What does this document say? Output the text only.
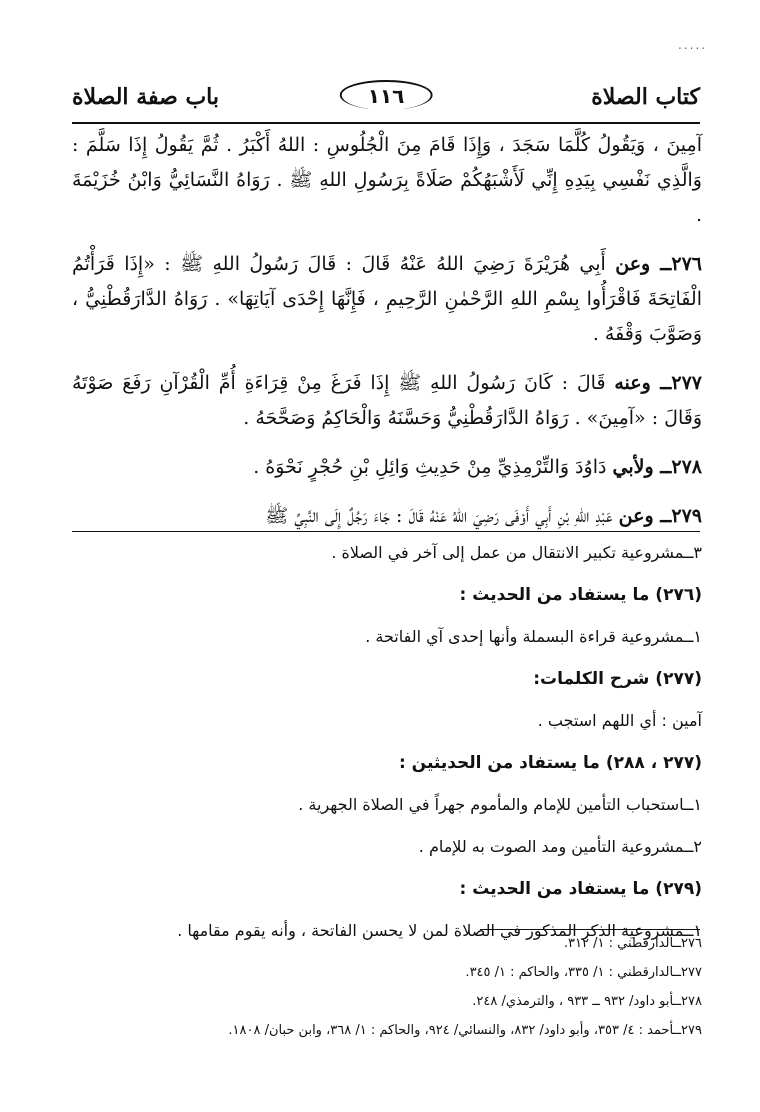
.....
كتاب الصلاة
١١٦
باب صفة الصلاة

آمِينَ ، وَيَقُولُ كُلَّمَا سَجَدَ ، وَإِذَا قَامَ مِنَ الْجُلُوسِ : اللهُ أَكْبَرُ . ثُمَّ يَقُولُ إِذَا سَلَّمَ : وَالَّذِي نَفْسِي بِيَدِهِ إِنِّي لَأَشْبَهُكُمْ صَلَاةً بِرَسُولِ اللهِ ﷺ . رَوَاهُ النَّسَائِيُّ وَابْنُ خُزَيْمَةَ .

٢٧٦ــ وعن أَبِي هُرَيْرَةَ رَضِيَ اللهُ عَنْهُ قَالَ : قَالَ رَسُولُ اللهِ ﷺ : «إِذَا قَرَأْتُمُ الْفَاتِحَةَ فَاقْرَأُوا بِسْمِ اللهِ الرَّحْمٰنِ الرَّحِيمِ ، فَإِنَّهَا إِحْدَى آيَاتِهَا» . رَوَاهُ الدَّارَقُطْنِيُّ ، وَصَوَّبَ وَقْفَهُ .

٢٧٧ــ وعنه قَالَ : كَانَ رَسُولُ اللهِ ﷺ إِذَا فَرَغَ مِنْ قِرَاءَةِ أُمِّ الْقُرْآنِ رَفَعَ صَوْتَهُ وَقَالَ : «آمِينَ» . رَوَاهُ الدَّارَقُطْنِيُّ وَحَسَّنَهُ وَالْحَاكِمُ وَصَحَّحَهُ .

٢٧٨ــ ولأبي دَاوُدَ وَالتِّرْمِذِيِّ مِنْ حَدِيثِ وَائِلِ بْنِ حُجْرٍ نَحْوَهُ .

٢٧٩ــ وعن عَبْدِ اللهِ بْنِ أَبِي أَوْفَى رَضِيَ اللهُ عَنْهُ قَالَ : جَاءَ رَجُلٌ إِلَى النَّبِيِّ ﷺ

٣ــمشروعية تكبير الانتقال من عمل إلى آخر في الصلاة .

(٢٧٦) ما يستفاد من الحديث :

١ــمشروعية قراءة البسملة وأنها إحدى آي الفاتحة .

(٢٧٧) شرح الكلمات:

آمين : أي اللهم استجب .

(٢٧٧ ، ٢٨٨) ما يستفاد من الحديثين :

١ــاستحباب التأمين للإمام والمأموم جهراً في الصلاة الجهرية .

٢ــمشروعية التأمين ومد الصوت به للإمام .

(٢٧٩) ما يستفاد من الحديث :

١ــمشروعية الذكر المذكور في الصلاة لمن لا يحسن الفاتحة ، وأنه يقوم مقامها .

٢٧٦ــالدارقطني : ١/ ٣١٢.
٢٧٧ــالدارقطني : ١/ ٣٣٥، والحاكم : ١/ ٣٤٥.
٢٧٨ــأبو داود/ ٩٣٢ ــ ٩٣٣ ، والترمذي/ ٢٤٨.
٢٧٩ــأحمد : ٤/ ٣٥٣، وأبو داود/ ٨٣٢، والنسائي/ ٩٢٤، والحاكم : ١/ ٣٦٨، وابن حبان/ ١٨٠٨.
